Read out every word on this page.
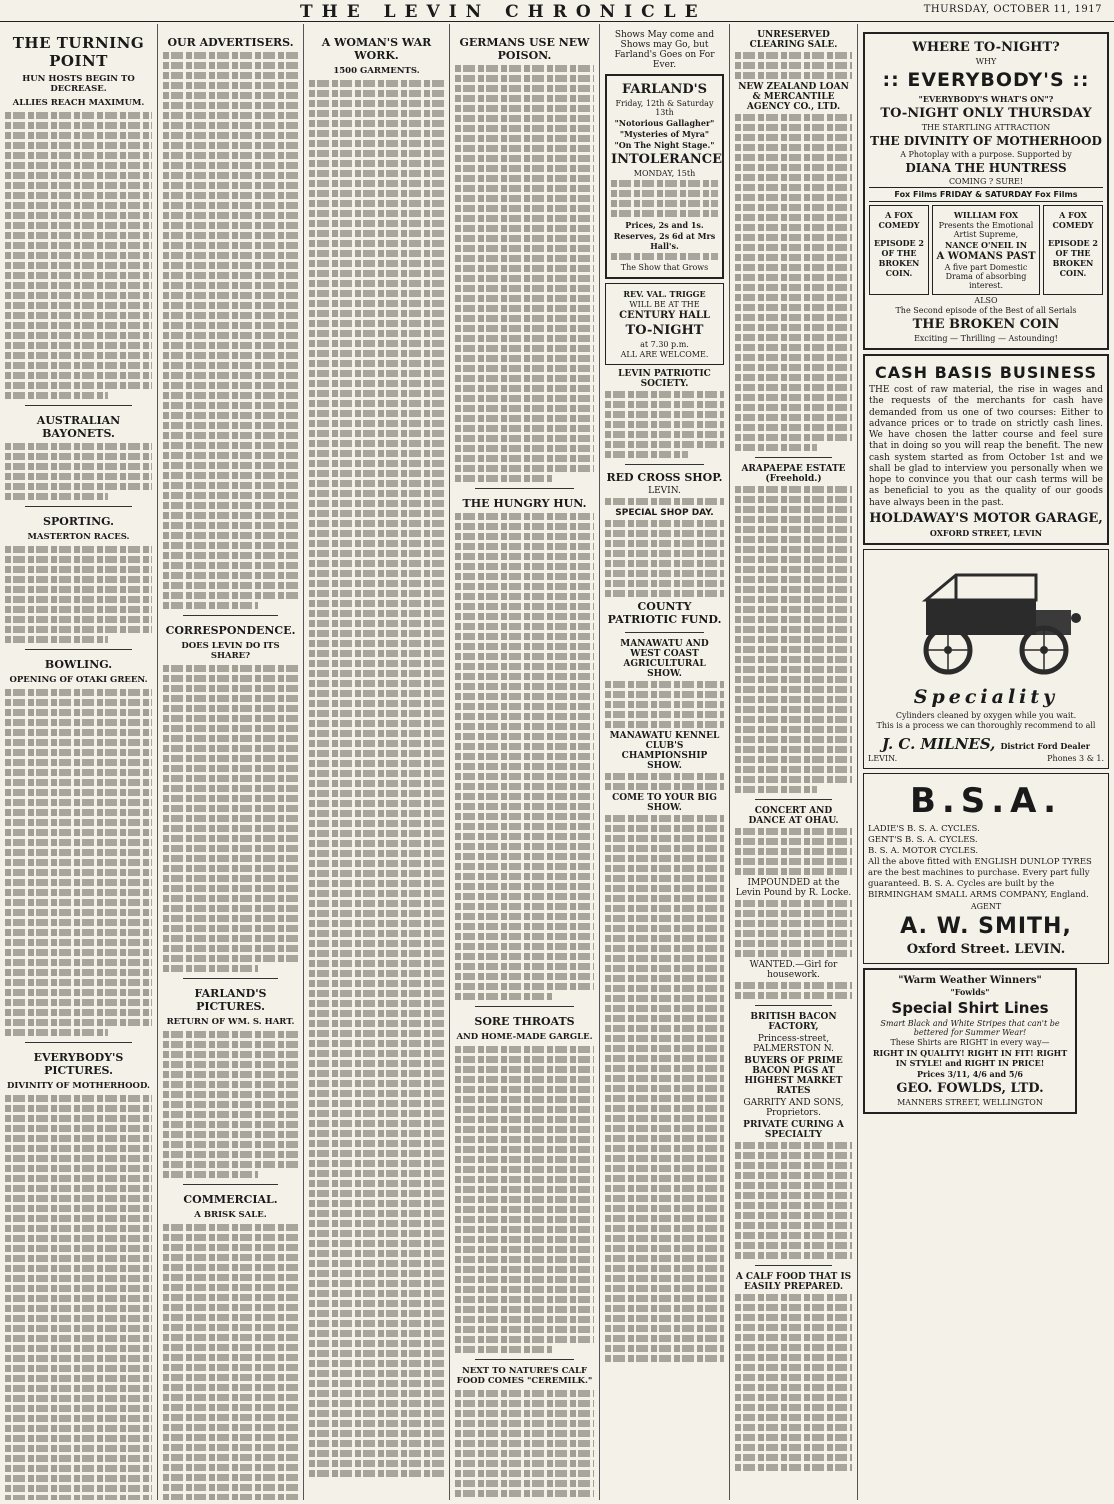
THE LEVIN CHRONICLE	THURSDAY, OCTOBER 11, 1917
THE TURNING POINT
HUN HOSTS BEGIN TO DECREASE.
ALLIES REACH MAXIMUM.
AUSTRALIAN BAYONETS.
SPORTING.
MASTERTON RACES.
BOWLING.
OPENING OF OTAKI GREEN.
EVERYBODY'S PICTURES.
DIVINITY OF MOTHERHOOD.
OUR ADVERTISERS.
CORRESPONDENCE.
DOES LEVIN DO ITS SHARE?
FARLAND'S PICTURES.
RETURN OF WM. S. HART.
COMMERCIAL.
A BRISK SALE.
A WOMAN'S WAR WORK.
1500 GARMENTS.
GERMANS USE NEW POISON.
THE HUNGRY HUN.
SORE THROATS
AND HOME-MADE GARGLE.
NEXT TO NATURE'S CALF FOOD COMES "CEREMILK."
Shows May come and Shows may Go, but Farland's Goes on For Ever.
FARLAND'S
Friday, 12th & Saturday 13th
"Notorious Gallagher"
"Mysteries of Myra"
"On The Night Stage."
INTOLERANCE
MONDAY, 15th
Prices, 2s and 1s.
Reserves, 2s 6d at Mrs Hall's.
The Show that Grows
REV. VAL. TRIGGE
WILL BE AT THE
CENTURY HALL
TO-NIGHT
at 7.30 p.m.
ALL ARE WELCOME.
LEVIN PATRIOTIC SOCIETY.
RED CROSS SHOP.
LEVIN.
SPECIAL SHOP DAY.
COUNTY PATRIOTIC FUND.
MANAWATU AND WEST COAST AGRICULTURAL SHOW.
MANAWATU KENNEL CLUB'S CHAMPIONSHIP SHOW.
COME TO YOUR BIG SHOW.
UNRESERVED CLEARING SALE.
NEW ZEALAND LOAN & MERCANTILE AGENCY CO., LTD.
ARAPAEPAE ESTATE (Freehold.)
CONCERT AND DANCE AT OHAU.
IMPOUNDED at the Levin Pound by R. Locke.
WANTED.—Girl for housework.
BRITISH BACON FACTORY,
Princess-street, PALMERSTON N.
BUYERS OF PRIME BACON PIGS AT HIGHEST MARKET RATES
GARRITY AND SONS, Proprietors.
PRIVATE CURING A SPECIALTY
A CALF FOOD THAT IS EASILY PREPARED.
WHERE TO-NIGHT?
WHY
:: EVERYBODY'S ::
"EVERYBODY'S WHAT'S ON"?
TO-NIGHT ONLY THURSDAY
THE STARTLING ATTRACTION
THE DIVINITY OF MOTHERHOOD
A Photoplay with a purpose. Supported by
DIANA THE HUNTRESS
COMING ? SURE!
Fox Films FRIDAY & SATURDAY Fox Films
A FOX COMEDY
EPISODE 2 OF THE BROKEN COIN.
WILLIAM FOX
Presents the Emotional Artist Supreme,
NANCE O'NEIL IN
A WOMANS PAST
A five part Domestic Drama of absorbing interest.
A FOX COMEDY
EPISODE 2 OF THE BROKEN COIN.
ALSO
The Second episode of the Best of all Serials
THE BROKEN COIN
Exciting — Thrilling — Astounding!
CASH BASIS BUSINESS
THE cost of raw material, the rise in wages and the requests of the merchants for cash have demanded from us one of two courses: Either to advance prices or to trade on strictly cash lines. We have chosen the latter course and feel sure that in doing so you will reap the benefit. The new cash system started as from October 1st and we shall be glad to interview you personally when we hope to convince you that our cash terms will be as beneficial to you as the quality of our goods have always been in the past.
HOLDAWAY'S MOTOR GARAGE,
OXFORD STREET, LEVIN
Speciality
Cylinders cleaned by oxygen while you wait.
This is a process we can thoroughly recommend to all
J. C. MILNES, District Ford Dealer
LEVIN.	Phones 3 & 1.
B.S.A.
LADIE'S B. S. A. CYCLES.
GENT'S B. S. A. CYCLES.
B. S. A. MOTOR CYCLES.
All the above fitted with ENGLISH DUNLOP TYRES are the best machines to purchase. Every part fully guaranteed. B. S. A. Cycles are built by the BIRMINGHAM SMALL ARMS COMPANY, England.
AGENT
A. W. SMITH,
Oxford Street. LEVIN.
"Warm Weather Winners"
"Fowlds"
Special Shirt Lines
Smart Black and White Stripes that can't be bettered for Summer Wear!
These Shirts are RIGHT in every way—
RIGHT IN QUALITY! RIGHT IN FIT! RIGHT IN STYLE! and RIGHT IN PRICE!
Prices 3/11, 4/6 and 5/6
GEO. FOWLDS, LTD.
MANNERS STREET, WELLINGTON
